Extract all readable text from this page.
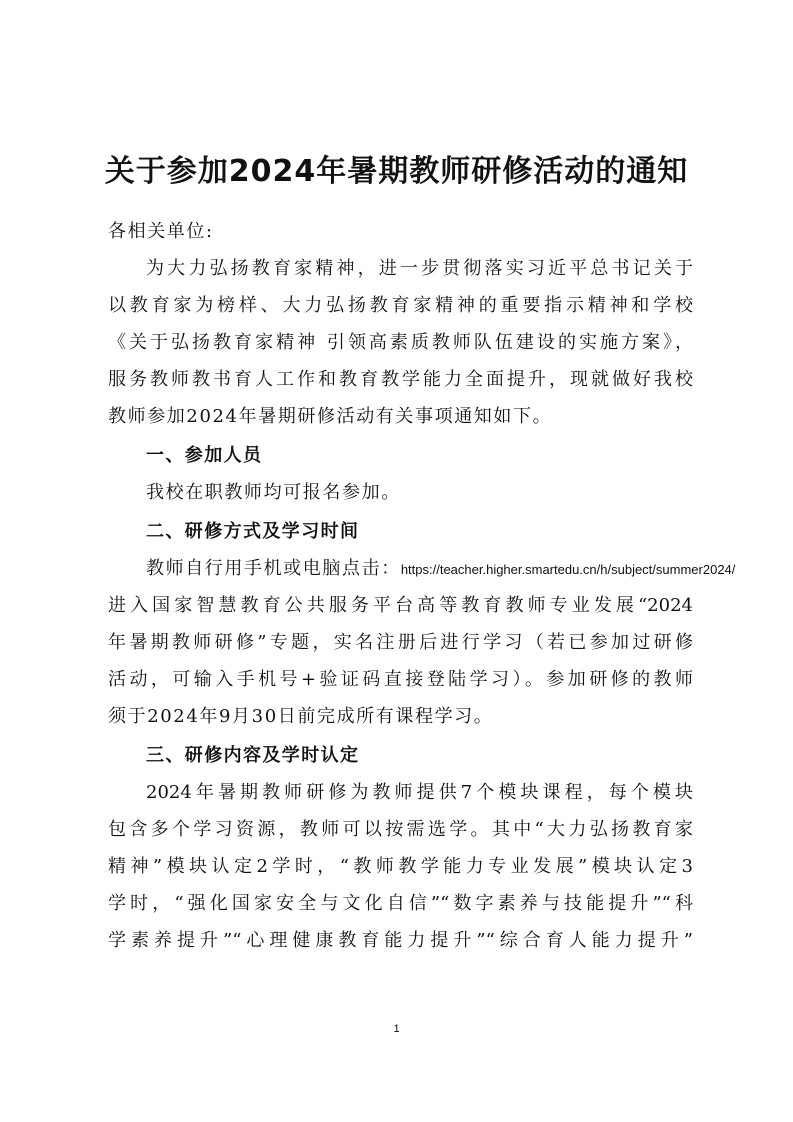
关于参加2024年暑期教师研修活动的通知
各相关单位:
为大力弘扬教育家精神，进一步贯彻落实习近平总书记关于
以教育家为榜样、大力弘扬教育家精神的重要指示精神和学校
《关于弘扬教育家精神 引领高素质教师队伍建设的实施方案》，
服务教师教书育人工作和教育教学能力全面提升，现就做好我校
教师参加2024年暑期研修活动有关事项通知如下。
一、参加人员
我校在职教师均可报名参加。
二、研修方式及学习时间
教师自行用手机或电脑点击：https://teacher.higher.smartedu.cn/h/subject/summer2024/
进入国家智慧教育公共服务平台高等教育教师专业发展“2024
年暑期教师研修”专题，实名注册后进行学习（若已参加过研修
活动，可输入手机号+验证码直接登陆学习）。参加研修的教师
须于2024年9月30日前完成所有课程学习。
三、研修内容及学时认定
2024年暑期教师研修为教师提供7个模块课程，每个模块
包含多个学习资源，教师可以按需选学。其中“大力弘扬教育家
精神”模块认定2学时，“教师教学能力专业发展”模块认定3
学时，“强化国家安全与文化自信”“数字素养与技能提升”“科
学素养提升”“心理健康教育能力提升”“综合育人能力提升”
1
